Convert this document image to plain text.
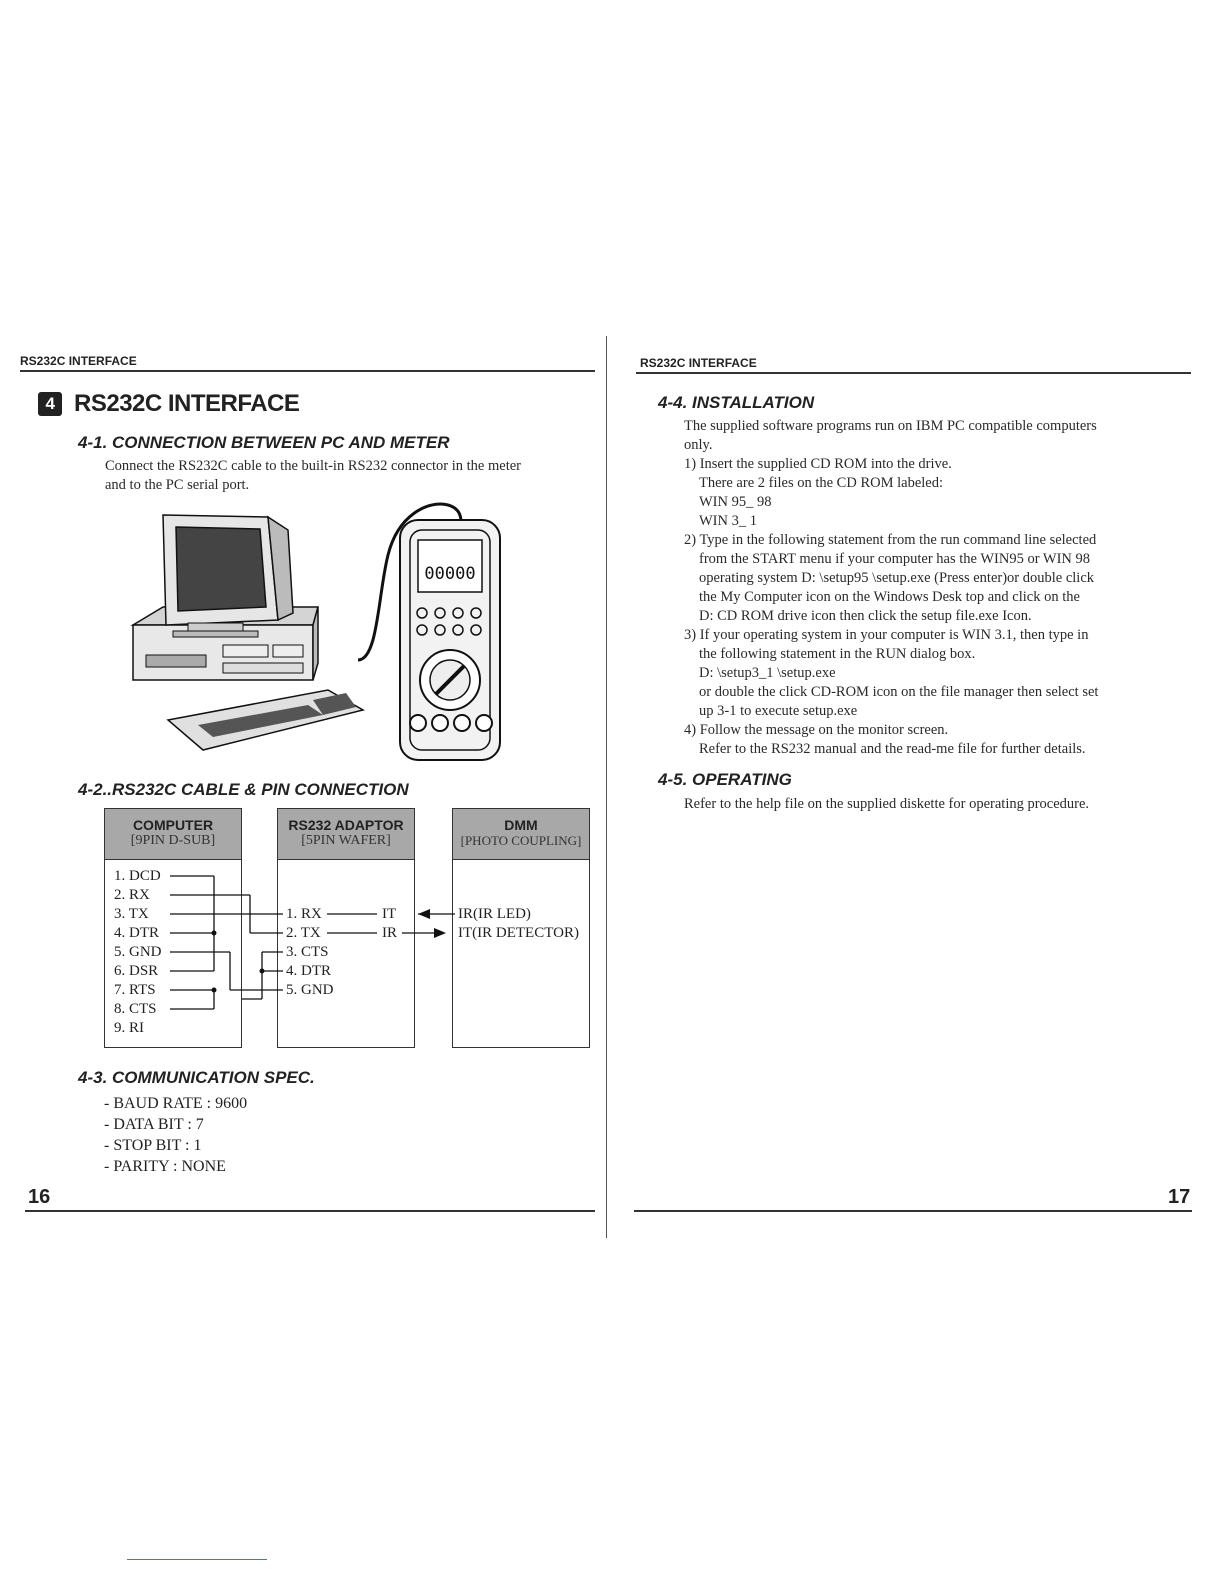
RS232C INTERFACE
4 RS232C INTERFACE
4-1. CONNECTION BETWEEN PC AND METER
Connect the RS232C cable to the built-in RS232 connector in the meter
and to the PC serial port.
00000
4-2..RS232C CABLE & PIN CONNECTION
COMPUTER
[9PIN D-SUB]
RS232 ADAPTOR
[5PIN WAFER]
DMM
[PHOTO COUPLING]
1. DCD
2. RX
3. TX
4. DTR
5. GND
6. DSR
7. RTS
8. CTS
9. RI
1. RX
2. TX
3. CTS
4. DTR
5. GND
IT
IR
IR(IR LED)
IT(IR DETECTOR)
4-3. COMMUNICATION SPEC.
- BAUD RATE : 9600
- DATA BIT : 7
- STOP BIT : 1
- PARITY : NONE
16
RS232C INTERFACE
4-4. INSTALLATION
The supplied software programs run on IBM PC compatible computers
only.
1) Insert the supplied CD ROM into the drive.
There are 2 files on the CD ROM labeled:
WIN 95_ 98
WIN 3_ 1
2) Type in the following statement from the run command line selected
from the START menu if your computer has the WIN95 or WIN 98
operating system D: \setup95 \setup.exe (Press enter)or double click
the My Computer icon on the Windows Desk top and click on the
D: CD ROM drive icon then click the setup file.exe Icon.
3) If your operating system in your computer is WIN 3.1, then type in
the following statement in the RUN dialog box.
D: \setup3_1 \setup.exe
or double the click CD-ROM icon on the file manager then select set
up 3-1 to execute setup.exe
4) Follow the message on the monitor screen.
Refer to the RS232 manual and the read-me file for further details.
4-5. OPERATING
Refer to the help file on the supplied diskette for operating procedure.
17
